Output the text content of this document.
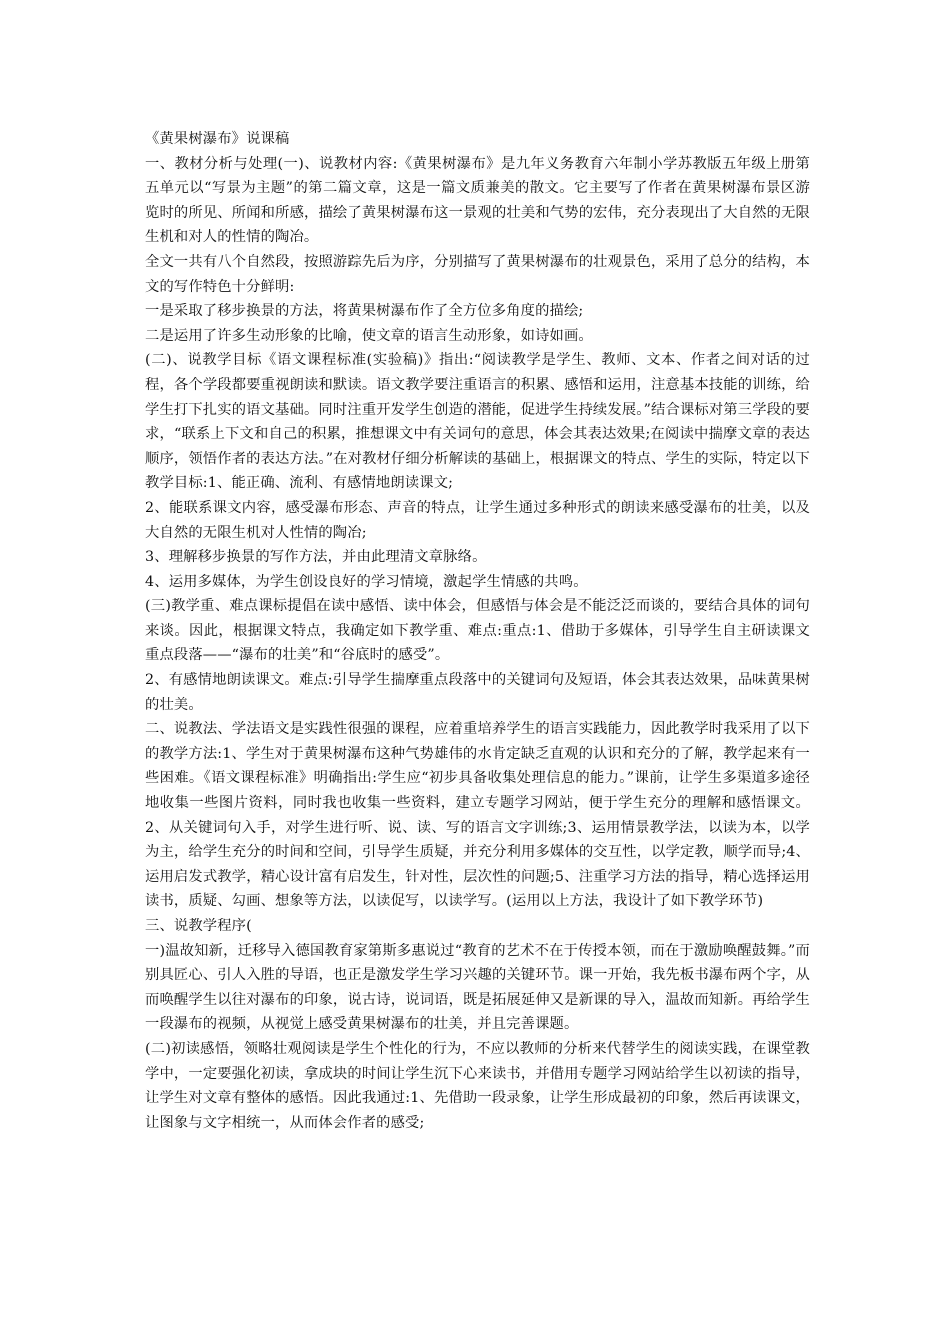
《黄果树瀑布》说课稿

一、教材分析与处理(一)、说教材内容:《黄果树瀑布》是九年义务教育六年制小学苏教版五年级上册第五单元以“写景为主题”的第二篇文章，这是一篇文质兼美的散文。它主要写了作者在黄果树瀑布景区游览时的所见、所闻和所感，描绘了黄果树瀑布这一景观的壮美和气势的宏伟，充分表现出了大自然的无限生机和对人的性情的陶冶。

全文一共有八个自然段，按照游踪先后为序，分别描写了黄果树瀑布的壮观景色，采用了总分的结构，本文的写作特色十分鲜明:

一是采取了移步换景的方法，将黄果树瀑布作了全方位多角度的描绘;

二是运用了许多生动形象的比喻，使文章的语言生动形象，如诗如画。

(二)、说教学目标《语文课程标准(实验稿)》指出:“阅读教学是学生、教师、文本、作者之间对话的过程，各个学段都要重视朗读和默读。语文教学要注重语言的积累、感悟和运用，注意基本技能的训练，给学生打下扎实的语文基础。同时注重开发学生创造的潜能，促进学生持续发展。”结合课标对第三学段的要求，“联系上下文和自己的积累，推想课文中有关词句的意思，体会其表达效果;在阅读中揣摩文章的表达顺序，领悟作者的表达方法。”在对教材仔细分析解读的基础上，根据课文的特点、学生的实际，特定以下教学目标:1、能正确、流利、有感情地朗读课文;

2、能联系课文内容，感受瀑布形态、声音的特点，让学生通过多种形式的朗读来感受瀑布的壮美，以及大自然的无限生机对人性情的陶冶;

3、理解移步换景的写作方法，并由此理清文章脉络。

4、运用多媒体，为学生创设良好的学习情境，激起学生情感的共鸣。

(三)教学重、难点课标提倡在读中感悟、读中体会，但感悟与体会是不能泛泛而谈的，要结合具体的词句来谈。因此，根据课文特点，我确定如下教学重、难点:重点:1、借助于多媒体，引导学生自主研读课文重点段落——“瀑布的壮美”和“谷底时的感受”。

2、有感情地朗读课文。难点:引导学生揣摩重点段落中的关键词句及短语，体会其表达效果，品味黄果树的壮美。

二、说教法、学法语文是实践性很强的课程，应着重培养学生的语言实践能力，因此教学时我采用了以下的教学方法:1、学生对于黄果树瀑布这种气势雄伟的水肯定缺乏直观的认识和充分的了解，教学起来有一些困难。《语文课程标准》明确指出:学生应“初步具备收集处理信息的能力。”课前，让学生多渠道多途径地收集一些图片资料，同时我也收集一些资料，建立专题学习网站，便于学生充分的理解和感悟课文。2、从关键词句入手，对学生进行听、说、读、写的语言文字训练;3、运用情景教学法，以读为本，以学为主，给学生充分的时间和空间，引导学生质疑，并充分利用多媒体的交互性，以学定教，顺学而导;4、运用启发式教学，精心设计富有启发生，针对性，层次性的问题;5、注重学习方法的指导，精心选择运用读书，质疑、勾画、想象等方法，以读促写，以读学写。(运用以上方法，我设计了如下教学环节)

三、说教学程序(

一)温故知新，迁移导入德国教育家第斯多惠说过“教育的艺术不在于传授本领，而在于激励唤醒鼓舞。”而别具匠心、引人入胜的导语，也正是激发学生学习兴趣的关键环节。课一开始，我先板书瀑布两个字，从而唤醒学生以往对瀑布的印象，说古诗，说词语，既是拓展延伸又是新课的导入，温故而知新。再给学生一段瀑布的视频，从视觉上感受黄果树瀑布的壮美，并且完善课题。

(二)初读感悟，领略壮观阅读是学生个性化的行为，不应以教师的分析来代替学生的阅读实践，在课堂教学中，一定要强化初读，拿成块的时间让学生沉下心来读书，并借用专题学习网站给学生以初读的指导，让学生对文章有整体的感悟。因此我通过:1、先借助一段录象，让学生形成最初的印象，然后再读课文，让图象与文字相统一，从而体会作者的感受;
